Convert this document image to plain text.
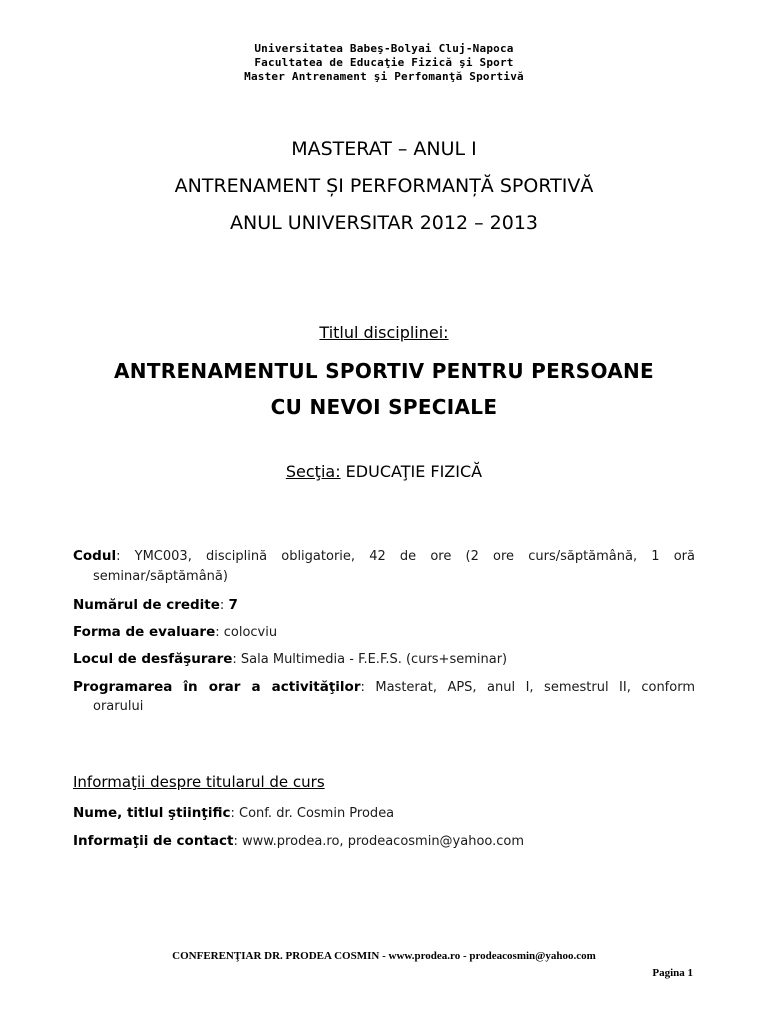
Universitatea Babeş-Bolyai Cluj-Napoca
Facultatea de Educaţie Fizică şi Sport
Master Antrenament şi Perfomanţă Sportivă
MASTERAT – ANUL I
ANTRENAMENT ȘI PERFORMANȚĂ SPORTIVĂ
ANUL UNIVERSITAR 2012 – 2013
Titlul disciplinei:
ANTRENAMENTUL SPORTIV PENTRU PERSOANE
CU NEVOI SPECIALE
Secţia: EDUCAŢIE FIZICĂ
Codul: YMC003, disciplină obligatorie, 42 de ore (2 ore curs/săptămână, 1 oră
seminar/săptămână)
Numărul de credite: 7
Forma de evaluare: colocviu
Locul de desfăşurare: Sala Multimedia - F.E.F.S. (curs+seminar)
Programarea în orar a activităţilor: Masterat, APS, anul I, semestrul II, conform
orarului
Informaţii despre titularul de curs
Nume, titlul ştiinţific: Conf. dr. Cosmin Prodea
Informaţii de contact: www.prodea.ro, prodeacosmin@yahoo.com
CONFERENŢIAR DR. PRODEA COSMIN - www.prodea.ro - prodeacosmin@yahoo.com
Pagina 1
